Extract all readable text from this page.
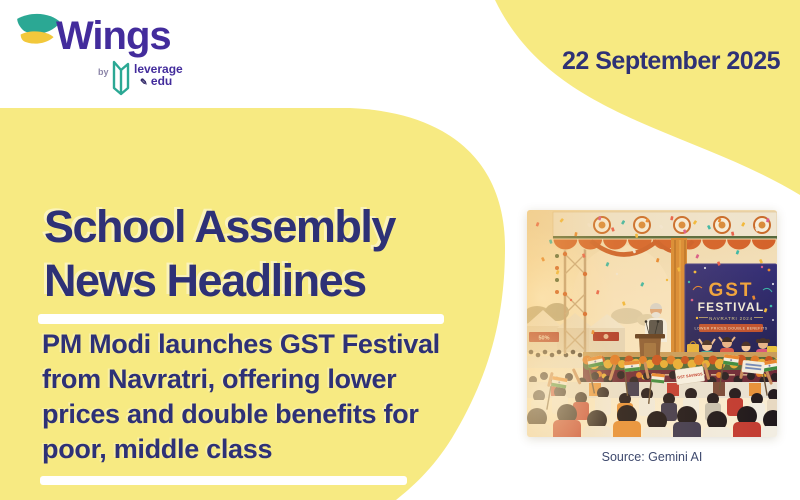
Wings
by leverage
✎ edu
22 September 2025
School Assembly
News Headlines
PM Modi launches GST Festival
from Navratri, offering lower
prices and double benefits for
poor, middle class	Source: Gemini AI
